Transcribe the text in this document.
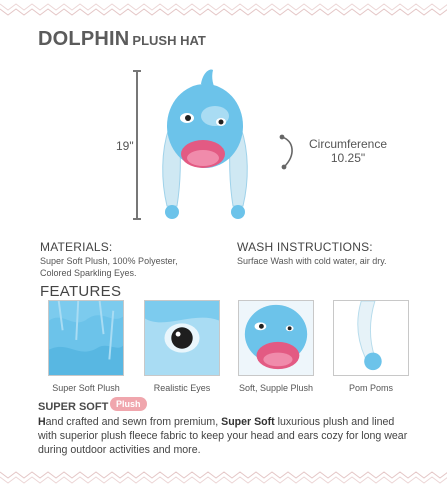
DOLPHIN PLUSH HAT
19"	Circumference
10.25"
MATERIALS:
Super Soft Plush, 100% Polyester, Colored Sparkling Eyes.
WASH INSTRUCTIONS:
Surface Wash with cold water, air dry.
FEATURES
Super Soft Plush	Realistic Eyes	Soft, Supple Plush	Pom Poms
SUPER SOFT Plush
Hand crafted and sewn from premium, Super Soft luxurious plush and lined with superior plush fleece fabric to keep your head and ears cozy for long wear during outdoor activities and more.
